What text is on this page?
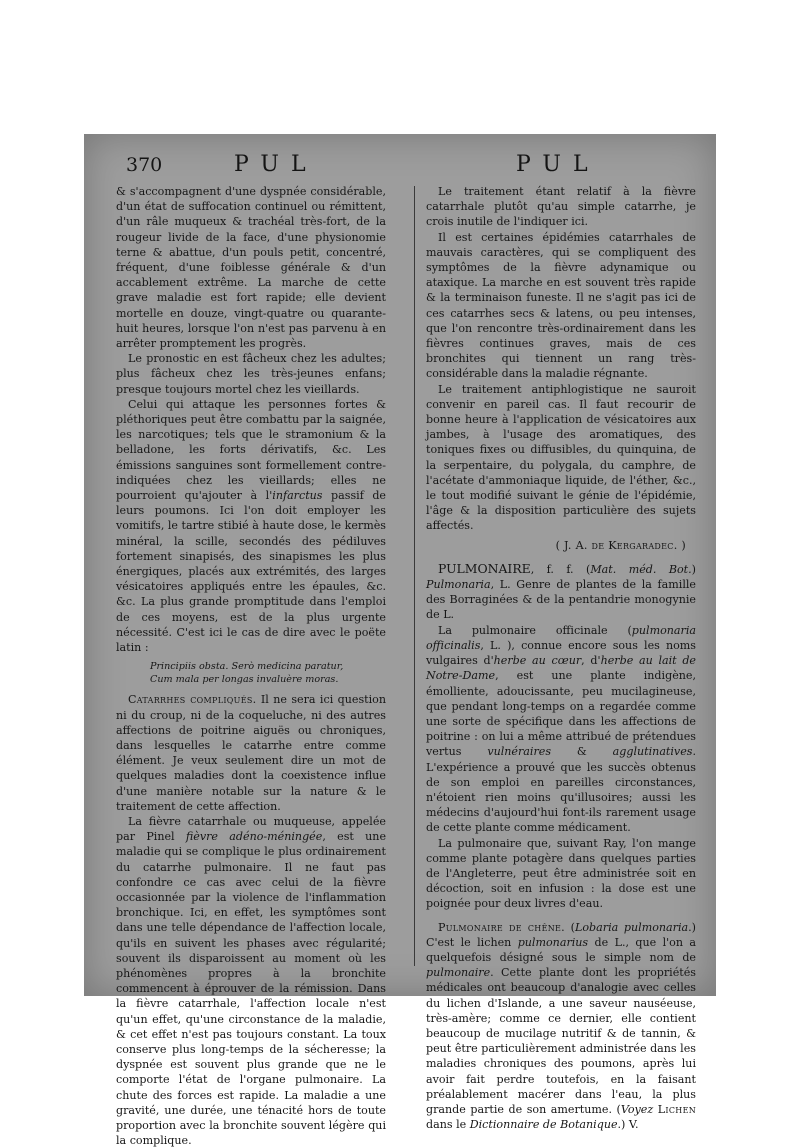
370	PUL	PUL

& s'accompagnent d'une dyspnée considérable, d'un état de suffocation continuel ou rémittent, d'un râle muqueux & trachéal très-fort, de la rougeur livide de la face, d'une physionomie terne & abattue, d'un pouls petit, concentré, fréquent, d'une foiblesse générale & d'un accablement extrême. La marche de cette grave maladie est fort rapide; elle devient mortelle en douze, vingt-quatre ou quarante-huit heures, lorsque l'on n'est pas parvenu à en arrêter promptement les progrès.

Le pronostic en est fâcheux chez les adultes; plus fâcheux chez les très-jeunes enfans; presque toujours mortel chez les vieillards.

Celui qui attaque les personnes fortes & pléthoriques peut être combattu par la saignée, les narcotiques; tels que le stramonium & la belladone, les forts dérivatifs, &c. Les émissions sanguines sont formellement contre-indiquées chez les vieillards; elles ne pourroient qu'ajouter à l'infarctus passif de leurs poumons. Ici l'on doit employer les vomitifs, le tartre stibié à haute dose, le kermès minéral, la scille, secondés des pédiluves fortement sinapisés, des sinapismes les plus énergiques, placés aux extrémités, des larges vésicatoires appliqués entre les épaules, &c. &c. La plus grande promptitude dans l'emploi de ces moyens, est de la plus urgente nécessité. C'est ici le cas de dire avec le poëte latin :

Principiis obsta. Serò medicina paratur,
Cum mala per longas invaluère moras.

Catarrhes compliqués. Il ne sera ici question ni du croup, ni de la coqueluche, ni des autres affections de poitrine aiguës ou chroniques, dans lesquelles le catarrhe entre comme élément. Je veux seulement dire un mot de quelques maladies dont la coexistence influe d'une manière notable sur la nature & le traitement de cette affection.

La fièvre catarrhale ou muqueuse, appelée par Pinel fièvre adéno-méningée, est une maladie qui se complique le plus ordinairement du catarrhe pulmonaire. Il ne faut pas confondre ce cas avec celui de la fièvre occasionnée par la violence de l'inflammation bronchique. Ici, en effet, les symptômes sont dans une telle dépendance de l'affection locale, qu'ils en suivent les phases avec régularité; souvent ils disparoissent au moment où les phénomènes propres à la bronchite commencent à éprouver de la rémission. Dans la fièvre catarrhale, l'affection locale n'est qu'un effet, qu'une circonstance de la maladie, & cet effet n'est pas toujours constant. La toux conserve plus long-temps de la sécheresse; la dyspnée est souvent plus grande que ne le comporte l'état de l'organe pulmonaire. La chute des forces est rapide. La maladie a une gravité, une durée, une ténacité hors de toute proportion avec la bronchite souvent légère qui la complique.

Le traitement étant relatif à la fièvre catarrhale plutôt qu'au simple catarrhe, je crois inutile de l'indiquer ici.

Il est certaines épidémies catarrhales de mauvais caractères, qui se compliquent des symptômes de la fièvre adynamique ou ataxique. La marche en est souvent très rapide & la terminaison funeste. Il ne s'agit pas ici de ces catarrhes secs & latens, ou peu intenses, que l'on rencontre très-ordinairement dans les fièvres continues graves, mais de ces bronchites qui tiennent un rang très-considérable dans la maladie régnante.

Le traitement antiphlogistique ne sauroit convenir en pareil cas. Il faut recourir de bonne heure à l'application de vésicatoires aux jambes, à l'usage des aromatiques, des toniques fixes ou diffusibles, du quinquina, de la serpentaire, du polygala, du camphre, de l'acétate d'ammoniaque liquide, de l'éther, &c., le tout modifié suivant le génie de l'épidémie, l'âge & la disposition particulière des sujets affectés.

( J. A. de Kergaradec. )

PULMONAIRE, f. f. (Mat. méd. Bot.) Pulmonaria, L. Genre de plantes de la famille des Borraginées & de la pentandrie monogynie de L.

La pulmonaire officinale (pulmonaria officinalis, L. ), connue encore sous les noms vulgaires d'herbe au cœur, d'herbe au lait de Notre-Dame, est une plante indigène, émolliente, adoucissante, peu mucilagineuse, que pendant long-temps on a regardée comme une sorte de spécifique dans les affections de poitrine : on lui a même attribué de prétendues vertus vulnéraires & agglutinatives. L'expérience a prouvé que les succès obtenus de son emploi en pareilles circonstances, n'étoient rien moins qu'illusoires; aussi les médecins d'aujourd'hui font-ils rarement usage de cette plante comme médicament.

La pulmonaire que, suivant Ray, l'on mange comme plante potagère dans quelques parties de l'Angleterre, peut être administrée soit en décoction, soit en infusion : la dose est une poignée pour deux livres d'eau.

Pulmonaire de chêne. (Lobaria pulmonaria.) C'est le lichen pulmonarius de L., que l'on a quelquefois désigné sous le simple nom de pulmonaire. Cette plante dont les propriétés médicales ont beaucoup d'analogie avec celles du lichen d'Islande, a une saveur nauséeuse, très-amère; comme ce dernier, elle contient beaucoup de mucilage nutritif & de tannin, & peut être particulièrement administrée dans les maladies chroniques des poumons, après lui avoir fait perdre toutefois, en la faisant préalablement macérer dans l'eau, la plus grande partie de son amertume. (Voyez Lichen dans le Dictionnaire de Botanique.) V.
